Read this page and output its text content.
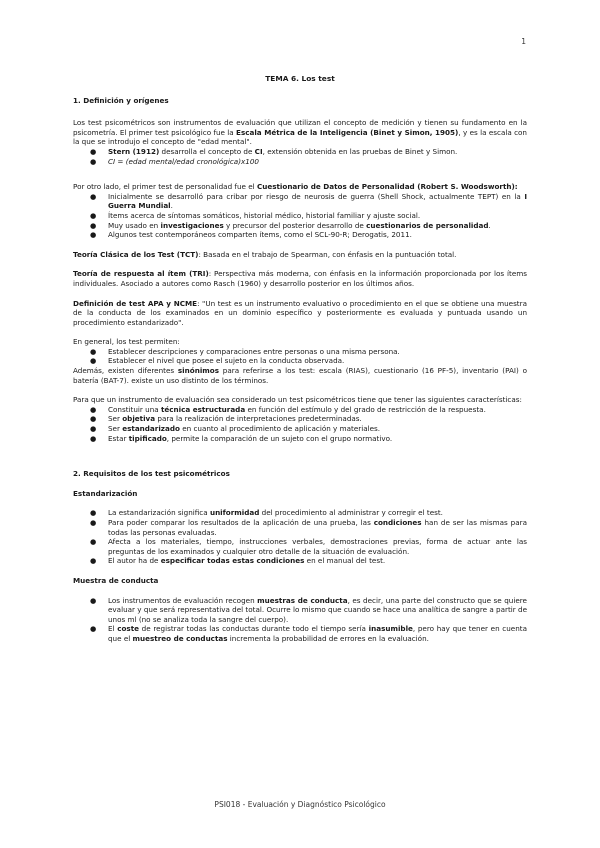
1
TEMA 6. Los test
1. Definición y orígenes

Los test psicométricos son instrumentos de evaluación que utilizan el concepto de medición y tienen su fundamento en la psicometría. El primer test psicológico fue la Escala Métrica de la Inteligencia (Binet y Simon, 1905), y es la escala con la que se introdujo el concepto de "edad mental".

● Stern (1912) desarrolla el concepto de CI, extensión obtenida en las pruebas de Binet y Simon.
● CI = (edad mental/edad cronológica)x100

Por otro lado, el primer test de personalidad fue el Cuestionario de Datos de Personalidad (Robert S. Woodsworth):

● Inicialmente se desarrolló para cribar por riesgo de neurosis de guerra (Shell Shock, actualmente TEPT) en la I Guerra Mundial.
● Ítems acerca de síntomas somáticos, historial médico, historial familiar y ajuste social.
● Muy usado en investigaciones y precursor del posterior desarrollo de cuestionarios de personalidad.
● Algunos test contemporáneos comparten ítems, como el SCL-90-R; Derogatis, 2011.

Teoría Clásica de los Test (TCT): Basada en el trabajo de Spearman, con énfasis en la puntuación total.

Teoría de respuesta al ítem (TRI): Perspectiva más moderna, con énfasis en la información proporcionada por los ítems individuales. Asociado a autores como Rasch (1960) y desarrollo posterior en los últimos años.

Definición de test APA y NCME: "Un test es un instrumento evaluativo o procedimiento en el que se obtiene una muestra de la conducta de los examinados en un dominio específico y posteriormente es evaluada y puntuada usando un procedimiento estandarizado".

En general, los test permiten:

● Establecer descripciones y comparaciones entre personas o una misma persona.
● Establecer el nivel que posee el sujeto en la conducta observada.

Además, existen diferentes sinónimos para referirse a los test: escala (RIAS), cuestionario (16 PF-5), inventario (PAI) o batería (BAT-7). existe un uso distinto de los términos.

Para que un instrumento de evaluación sea considerado un test psicométricos tiene que tener las siguientes características:

● Constituir una técnica estructurada en función del estímulo y del grado de restricción de la respuesta.
● Ser objetiva para la realización de interpretaciones predeterminadas.
● Ser estandarizado en cuanto al procedimiento de aplicación y materiales.
● Estar tipificado, permite la comparación de un sujeto con el grupo normativo.
2. Requisitos de los test psicométricos
Estandarización
● La estandarización significa uniformidad del procedimiento al administrar y corregir el test.
● Para poder comparar los resultados de la aplicación de una prueba, las condiciones han de ser las mismas para todas las personas evaluadas.
● Afecta a los materiales, tiempo, instrucciones verbales, demostraciones previas, forma de actuar ante las preguntas de los examinados y cualquier otro detalle de la situación de evaluación.
● El autor ha de especificar todas estas condiciones en el manual del test.
Muestra de conducta
● Los instrumentos de evaluación recogen muestras de conducta, es decir, una parte del constructo que se quiere evaluar y que será representativa del total. Ocurre lo mismo que cuando se hace una analítica de sangre a partir de unos ml (no se analiza toda la sangre del cuerpo).
● El coste de registrar todas las conductas durante todo el tiempo sería inasumible, pero hay que tener en cuenta que el muestreo de conductas incrementa la probabilidad de errores en la evaluación.
PSI018 - Evaluación y Diagnóstico Psicológico
